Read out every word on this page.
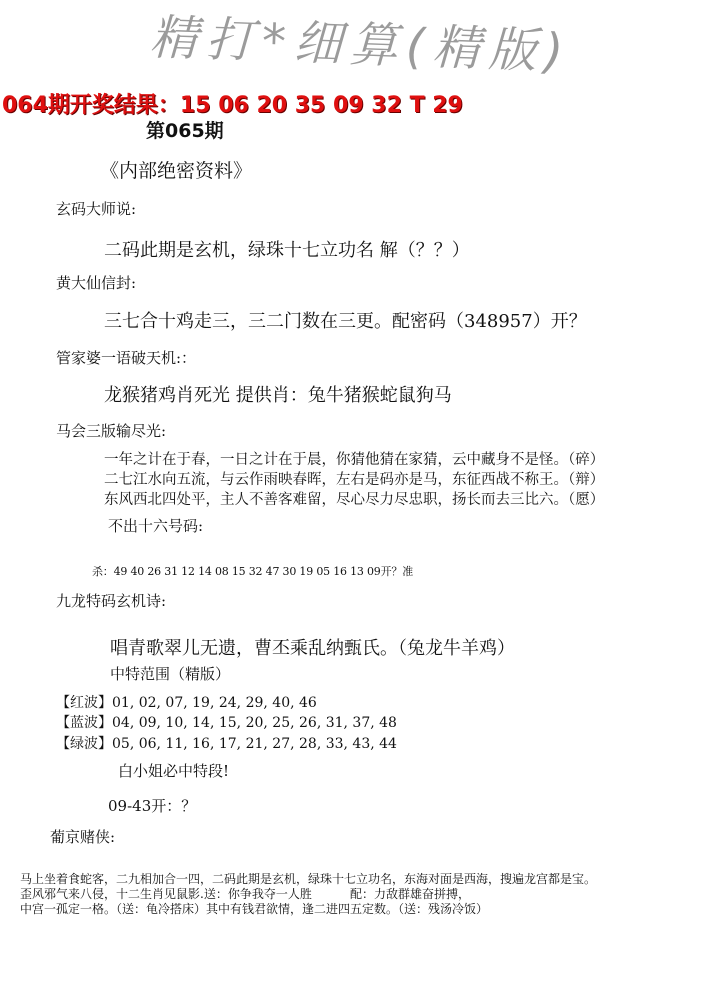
精打*细算(精版)
064期开奖结果：15 06 20 35 09 32 T 29
第065期
《内部绝密资料》
玄码大师说:
二码此期是玄机，绿珠十七立功名 解（？？）
黄大仙信封:
三七合十鸡走三，三二门数在三更。配密码（348957）开？
管家婆一语破天机:：
龙猴猪鸡肖死光 提供肖：兔牛猪猴蛇鼠狗马
马会三版输尽光:
一年之计在于春，一日之计在于晨，你猜他猜在家猜，云中藏身不是怪。（碎）
二七江水向五流，与云作雨映春晖，左右是码亦是马，东征西战不称王。（辩）
东风西北四处平，主人不善客难留，尽心尽力尽忠职，扬长而去三比六。（愿）
不出十六号码:
杀：49 40 26 31 12 14 08 15 32 47 30 19 05 16 13 09开？准
九龙特码玄机诗:
唱青歌翠儿无遗，曹丕乘乱纳甄氏。（兔龙牛羊鸡）
中特范围（精版）
【红波】01, 02, 07, 19, 24, 29, 40, 46
【蓝波】04, 09, 10, 14, 15, 20, 25, 26, 31, 37, 48
【绿波】05, 06, 11, 16, 17, 21, 27, 28, 33, 43, 44
白小姐必中特段!
09-43开：？
葡京赌侠:
马上坐着食蛇客，二九相加合一四，二码此期是玄机，绿珠十七立功名，东海对面是西海，搜遍龙宫都是宝。
歪风邪气来八侵，十二生肖见鼠影.送：你争我夺一人胜          配：力敌群雄奋拼搏，
中宫一孤定一格。（送：龟冷搭床）其中有钱君欲情，逢二进四五定数。（送：残汤冷饭）
